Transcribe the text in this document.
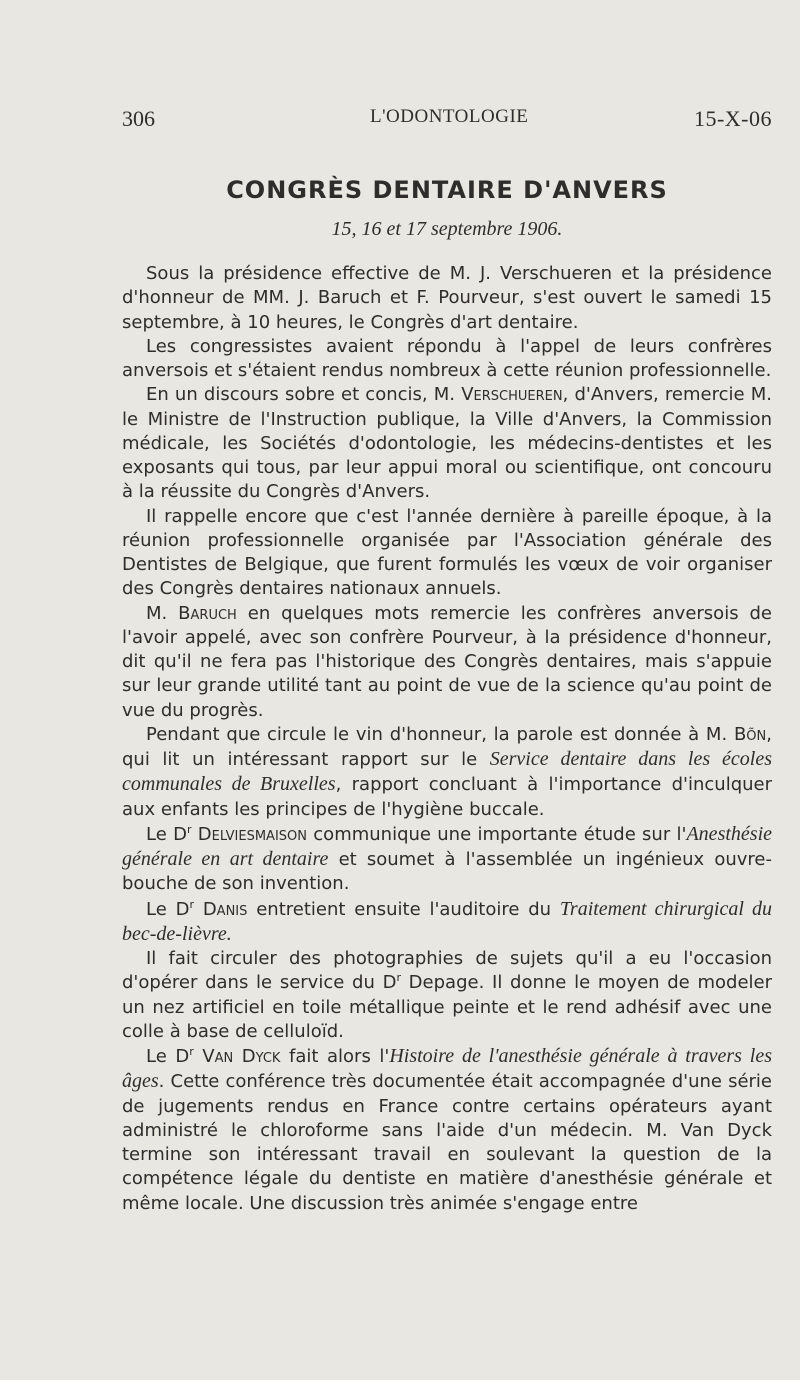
306	L'ODONTOLOGIE	15-X-06
CONGRÈS DENTAIRE D'ANVERS
15, 16 et 17 septembre 1906.

Sous la présidence effective de M. J. Verschueren et la présidence d'honneur de MM. J. Baruch et F. Pourveur, s'est ouvert le samedi 15 septembre, à 10 heures, le Congrès d'art dentaire.

Les congressistes avaient répondu à l'appel de leurs confrères anversois et s'étaient rendus nombreux à cette réunion professionnelle.

En un discours sobre et concis, M. Verschueren, d'Anvers, remercie M. le Ministre de l'Instruction publique, la Ville d'Anvers, la Commission médicale, les Sociétés d'odontologie, les médecins-dentistes et les exposants qui tous, par leur appui moral ou scientifique, ont concouru à la réussite du Congrès d'Anvers.

Il rappelle encore que c'est l'année dernière à pareille époque, à la réunion professionnelle organisée par l'Association générale des Dentistes de Belgique, que furent formulés les vœux de voir organiser des Congrès dentaires nationaux annuels.

M. Baruch en quelques mots remercie les confrères anversois de l'avoir appelé, avec son confrère Pourveur, à la présidence d'honneur, dit qu'il ne fera pas l'historique des Congrès dentaires, mais s'appuie sur leur grande utilité tant au point de vue de la science qu'au point de vue du progrès.

Pendant que circule le vin d'honneur, la parole est donnée à M. Bõn, qui lit un intéressant rapport sur le Service dentaire dans les écoles communales de Bruxelles, rapport concluant à l'importance d'inculquer aux enfants les principes de l'hygiène buccale.

Le $D^r$ Delviesmaison communique une importante étude sur l'Anesthésie générale en art dentaire et soumet à l'assemblée un ingénieux ouvre-bouche de son invention.

Le $D^r$ Danis entretient ensuite l'auditoire du Traitement chirurgical du bec-de-lièvre.

Il fait circuler des photographies de sujets qu'il a eu l'occasion d'opérer dans le service du $D^r$ Depage. Il donne le moyen de modeler un nez artificiel en toile métallique peinte et le rend adhésif avec une colle à base de celluloïd.

Le $D^r$ Van Dyck fait alors l'Histoire de l'anesthésie générale à travers les âges. Cette conférence très documentée était accompagnée d'une série de jugements rendus en France contre certains opérateurs ayant administré le chloroforme sans l'aide d'un médecin. M. Van Dyck termine son intéressant travail en soulevant la question de la compétence légale du dentiste en matière d'anesthésie générale et même locale. Une discussion très animée s'engage entre
